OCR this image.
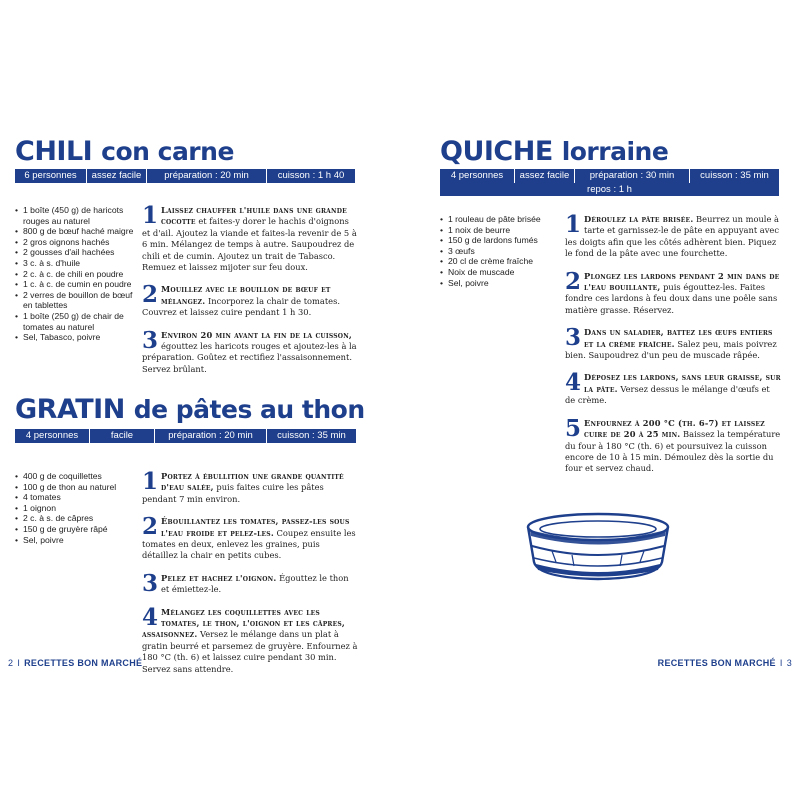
CHILI con carne
6 personnes	assez facile	préparation : 20 min	cuisson : 1 h 40
• 1 boîte (450 g) de haricots rouges au naturel
• 800 g de bœuf haché maigre
• 2 gros oignons hachés
• 2 gousses d'ail hachées
• 3 c. à s. d'huile
• 2 c. à c. de chili en poudre
• 1 c. à c. de cumin en poudre
• 2 verres de bouillon de bœuf en tablettes
• 1 boîte (250 g) de chair de tomates au naturel
• Sel, Tabasco, poivre

1 Laissez chauffer l'huile dans une grande cocotte et faites-y dorer le hachis d'oignons et d'ail. Ajoutez la viande et faites-la revenir de 5 à 6 min. Mélangez de temps à autre. Saupoudrez de chili et de cumin. Ajoutez un trait de Tabasco. Remuez et laissez mijoter sur feu doux.

2 Mouillez avec le bouillon de bœuf et mélangez. Incorporez la chair de tomates. Couvrez et laissez cuire pendant 1 h 30.

3 Environ 20 min avant la fin de la cuisson, égouttez les haricots rouges et ajoutez-les à la préparation. Goûtez et rectifiez l'assaisonnement. Servez brûlant.

GRATIN de pâtes au thon
4 personnes	facile	préparation : 20 min	cuisson : 35 min
• 400 g de coquillettes
• 100 g de thon au naturel
• 4 tomates
• 1 oignon
• 2 c. à s. de câpres
• 150 g de gruyère râpé
• Sel, poivre

1 Portez à ébullition une grande quantité d'eau salée, puis faites cuire les pâtes pendant 7 min environ.

2 Ébouillantez les tomates, passez-les sous l'eau froide et pelez-les. Coupez ensuite les tomates en deux, enlevez les graines, puis détaillez la chair en petits cubes.

3 Pelez et hachez l'oignon. Égouttez le thon et émiettez-le.

4 Mélangez les coquillettes avec les tomates, le thon, l'oignon et les câpres, assaisonnez. Versez le mélange dans un plat à gratin beurré et parsemez de gruyère. Enfournez à 180 °C (th. 6) et laissez cuire pendant 30 min. Servez sans attendre.

QUICHE lorraine
4 personnes	assez facile	préparation : 30 min	cuisson : 35 min
repos : 1 h
• 1 rouleau de pâte brisée
• 1 noix de beurre
• 150 g de lardons fumés
• 3 œufs
• 20 cl de crème fraîche
• Noix de muscade
• Sel, poivre

1 Déroulez la pâte brisée. Beurrez un moule à tarte et garnissez-le de pâte en appuyant avec les doigts afin que les côtés adhèrent bien. Piquez le fond de la pâte avec une fourchette.

2 Plongez les lardons pendant 2 min dans de l'eau bouillante, puis égouttez-les. Faites fondre ces lardons à feu doux dans une poêle sans matière grasse. Réservez.

3 Dans un saladier, battez les œufs entiers et la crème fraîche. Salez peu, mais poivrez bien. Saupoudrez d'un peu de muscade râpée.

4 Déposez les lardons, sans leur graisse, sur la pâte. Versez dessus le mélange d'œufs et de crème.

5 Enfournez à 200 °C (th. 6-7) et laissez cuire de 20 à 25 min. Baissez la température du four à 180 °C (th. 6) et poursuivez la cuisson encore de 10 à 15 min. Démoulez dès la sortie du four et servez chaud.

2 I RECETTES BON MARCHÉ	RECETTES BON MARCHÉ I 3
